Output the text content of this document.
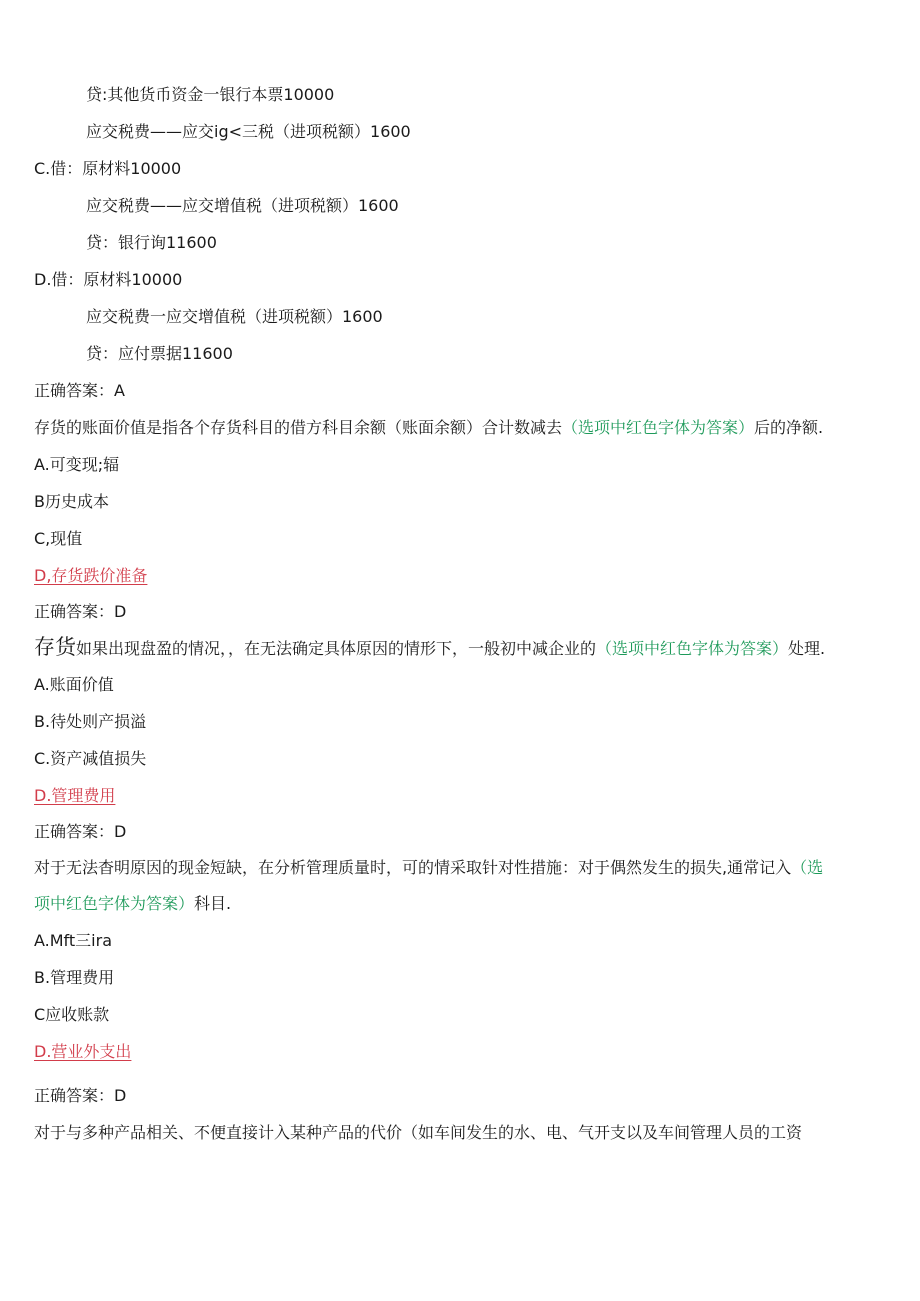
贷:其他货币资金一银行本票10000
应交税费——应交ig<三税（进项税额）1600
C.借：原材料10000
应交税费——应交增值税（进项税额）1600
贷：银行询11600
D.借：原材料10000
应交税费一应交增值税（进项税额）1600
贷：应付票据11600
正确答案：A
存货的账面价值是指各个存货科目的借方科目余额（账面余额）合计数减去（选项中红色字体为答案）后的净额.
A.可变现;辐
B历史成本
C,现值
D,存货跌价准备
正确答案：D
存货如果出现盘盈的情况，，在无法确定具体原因的情形下，一般初中减企业的（选项中红色字体为答案）处理.
A.账面价值
B.待处则产损溢
C.资产减值损失
D.管理费用
正确答案：D
对于无法杳明原因的现金短缺，在分析管理质量时，可的情采取针对性措施：对于偶然发生的损失,通常记入（选
项中红色字体为答案）科目.
A.Mft三ira
B.管理费用
C应收账款
D.营业外支出
正确答案：D
对于与多种产品相关、不便直接计入某种产品的代价（如车间发生的水、电、气开支以及车间管理人员的工资
